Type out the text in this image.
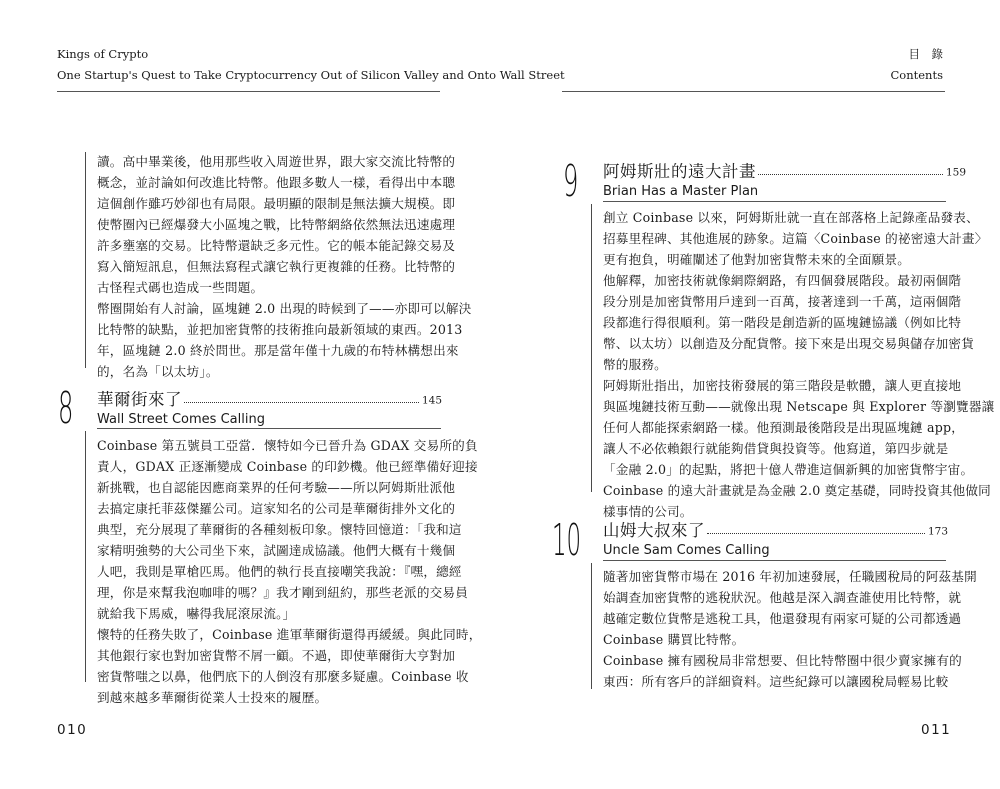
Kings of Crypto
One Startup's Quest to Take Cryptocurrency Out of Silicon Valley and Onto Wall Street

讀。高中畢業後，他用那些收入周遊世界，跟大家交流比特幣的

概念，並討論如何改進比特幣。他跟多數人一樣，看得出中本聰

這個創作雖巧妙卻也有局限。最明顯的限制是無法擴大規模。即

使幣圈內已經爆發大小區塊之戰，比特幣網絡依然無法迅速處理

許多壅塞的交易。比特幣還缺乏多元性。它的帳本能記錄交易及

寫入簡短訊息，但無法寫程式讓它執行更複雜的任務。比特幣的

古怪程式碼也造成一些問題。

幣圈開始有人討論，區塊鏈 2.0 出現的時候到了——亦即可以解決

比特幣的缺點，並把加密貨幣的技術推向最新領域的東西。2013

年，區塊鏈 2.0 終於問世。那是當年僅十九歲的布特林構想出來

的，名為「以太坊」。

8 華爾街來了	145
Wall Street Comes Calling

Coinbase 第五號員工亞當．懷特如今已晉升為 GDAX 交易所的負

責人，GDAX 正逐漸變成 Coinbase 的印鈔機。他已經準備好迎接

新挑戰，也自認能因應商業界的任何考驗——所以阿姆斯壯派他

去搞定康托菲茲傑羅公司。這家知名的公司是華爾街排外文化的

典型，充分展現了華爾街的各種刻板印象。懷特回憶道：「我和這

家精明強勢的大公司坐下來，試圖達成協議。他們大概有十幾個

人吧，我則是單槍匹馬。他們的執行長直接嘲笑我說：『嘿，總經

理，你是來幫我泡咖啡的嗎？』我才剛到紐約，那些老派的交易員

就給我下馬威，嚇得我屁滾尿流。」

懷特的任務失敗了，Coinbase 進軍華爾街還得再緩緩。與此同時，

其他銀行家也對加密貨幣不屑一顧。不過，即使華爾街大亨對加

密貨幣嗤之以鼻，他們底下的人倒沒有那麼多疑慮。Coinbase 收

到越來越多華爾街從業人士投來的履歷。

010
目　錄
Contents
9 阿姆斯壯的遠大計畫	159
Brian Has a Master Plan

創立 Coinbase 以來，阿姆斯壯就一直在部落格上記錄產品發表、

招募里程碑、其他進展的跡象。這篇〈Coinbase 的祕密遠大計畫〉

更有抱負，明確闡述了他對加密貨幣未來的全面願景。

他解釋，加密技術就像網際網路，有四個發展階段。最初兩個階

段分別是加密貨幣用戶達到一百萬，接著達到一千萬，這兩個階

段都進行得很順利。第一階段是創造新的區塊鏈協議（例如比特

幣、以太坊）以創造及分配貨幣。接下來是出現交易與儲存加密貨

幣的服務。

阿姆斯壯指出，加密技術發展的第三階段是軟體，讓人更直接地

與區塊鏈技術互動——就像出現 Netscape 與 Explorer 等瀏覽器讓

任何人都能探索網路一樣。他預測最後階段是出現區塊鏈 app，

讓人不必依賴銀行就能夠借貸與投資等。他寫道，第四步就是

「金融 2.0」的起點，將把十億人帶進這個新興的加密貨幣宇宙。

Coinbase 的遠大計畫就是為金融 2.0 奠定基礎，同時投資其他做同

樣事情的公司。

10 山姆大叔來了	173
Uncle Sam Comes Calling

隨著加密貨幣市場在 2016 年初加速發展，任職國稅局的阿茲基開

始調查加密貨幣的逃稅狀況。他越是深入調查誰使用比特幣，就

越確定數位貨幣是逃稅工具，他還發現有兩家可疑的公司都透過

Coinbase 購買比特幣。

Coinbase 擁有國稅局非常想要、但比特幣圈中很少賣家擁有的

東西：所有客戶的詳細資料。這些紀錄可以讓國稅局輕易比較

011
